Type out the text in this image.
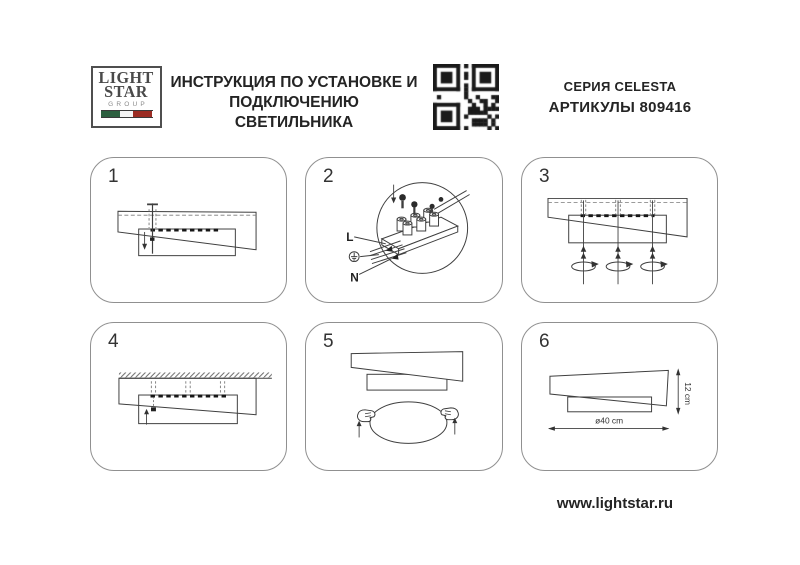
LIGHT
STAR
GROUP
ИНСТРУКЦИЯ ПО УСТАНОВКЕ И
ПОДКЛЮЧЕНИЮ СВЕТИЛЬНИКА
СЕРИЯ CELESTA
АРТИКУЛЫ 809416
1	2
L
N
3
4	5	6
12 cm
ø40 cm
www.lightstar.ru
